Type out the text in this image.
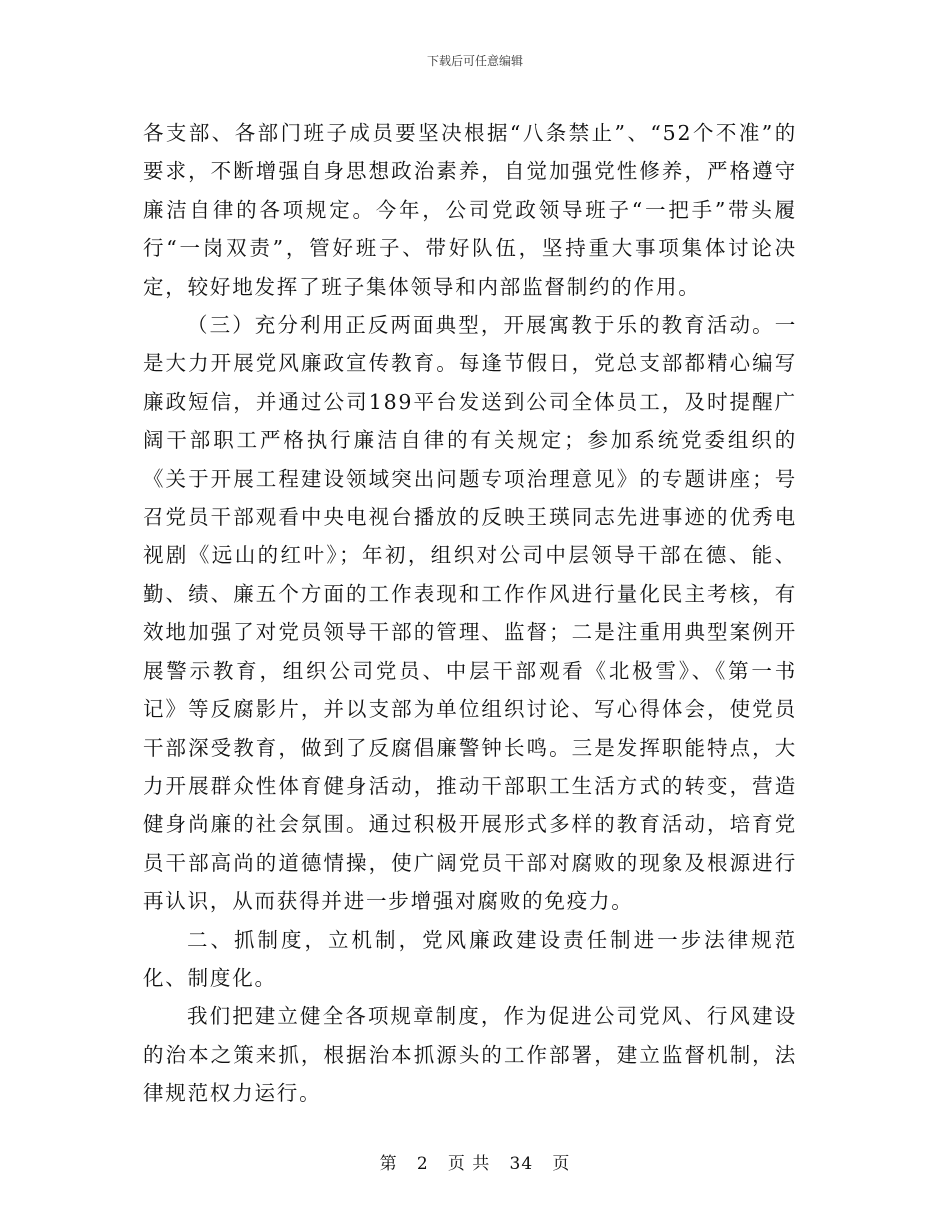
下载后可任意编辑

各支部、各部门班子成员要坚决根据“八条禁止”、“52个不准”的要求，不断增强自身思想政治素养，自觉加强党性修养，严格遵守廉洁自律的各项规定。今年，公司党政领导班子“一把手”带头履行“一岗双责”，管好班子、带好队伍，坚持重大事项集体讨论决定，较好地发挥了班子集体领导和内部监督制约的作用。

（三）充分利用正反两面典型，开展寓教于乐的教育活动。一是大力开展党风廉政宣传教育。每逢节假日，党总支部都精心编写廉政短信，并通过公司189平台发送到公司全体员工，及时提醒广阔干部职工严格执行廉洁自律的有关规定；参加系统党委组织的《关于开展工程建设领域突出问题专项治理意见》的专题讲座；号召党员干部观看中央电视台播放的反映王瑛同志先进事迹的优秀电视剧《远山的红叶》；年初，组织对公司中层领导干部在德、能、勤、绩、廉五个方面的工作表现和工作作风进行量化民主考核，有效地加强了对党员领导干部的管理、监督；二是注重用典型案例开展警示教育，组织公司党员、中层干部观看《北极雪》、《第一书记》等反腐影片，并以支部为单位组织讨论、写心得体会，使党员干部深受教育，做到了反腐倡廉警钟长鸣。三是发挥职能特点，大力开展群众性体育健身活动，推动干部职工生活方式的转变，营造健身尚廉的社会氛围。通过积极开展形式多样的教育活动，培育党员干部高尚的道德情操，使广阔党员干部对腐败的现象及根源进行再认识，从而获得并进一步增强对腐败的免疫力。

二、抓制度，立机制，党风廉政建设责任制进一步法律规范化、制度化。

我们把建立健全各项规章制度，作为促进公司党风、行风建设的治本之策来抓，根据治本抓源头的工作部署，建立监督机制，法律规范权力运行。

第 2 页 共 34 页
